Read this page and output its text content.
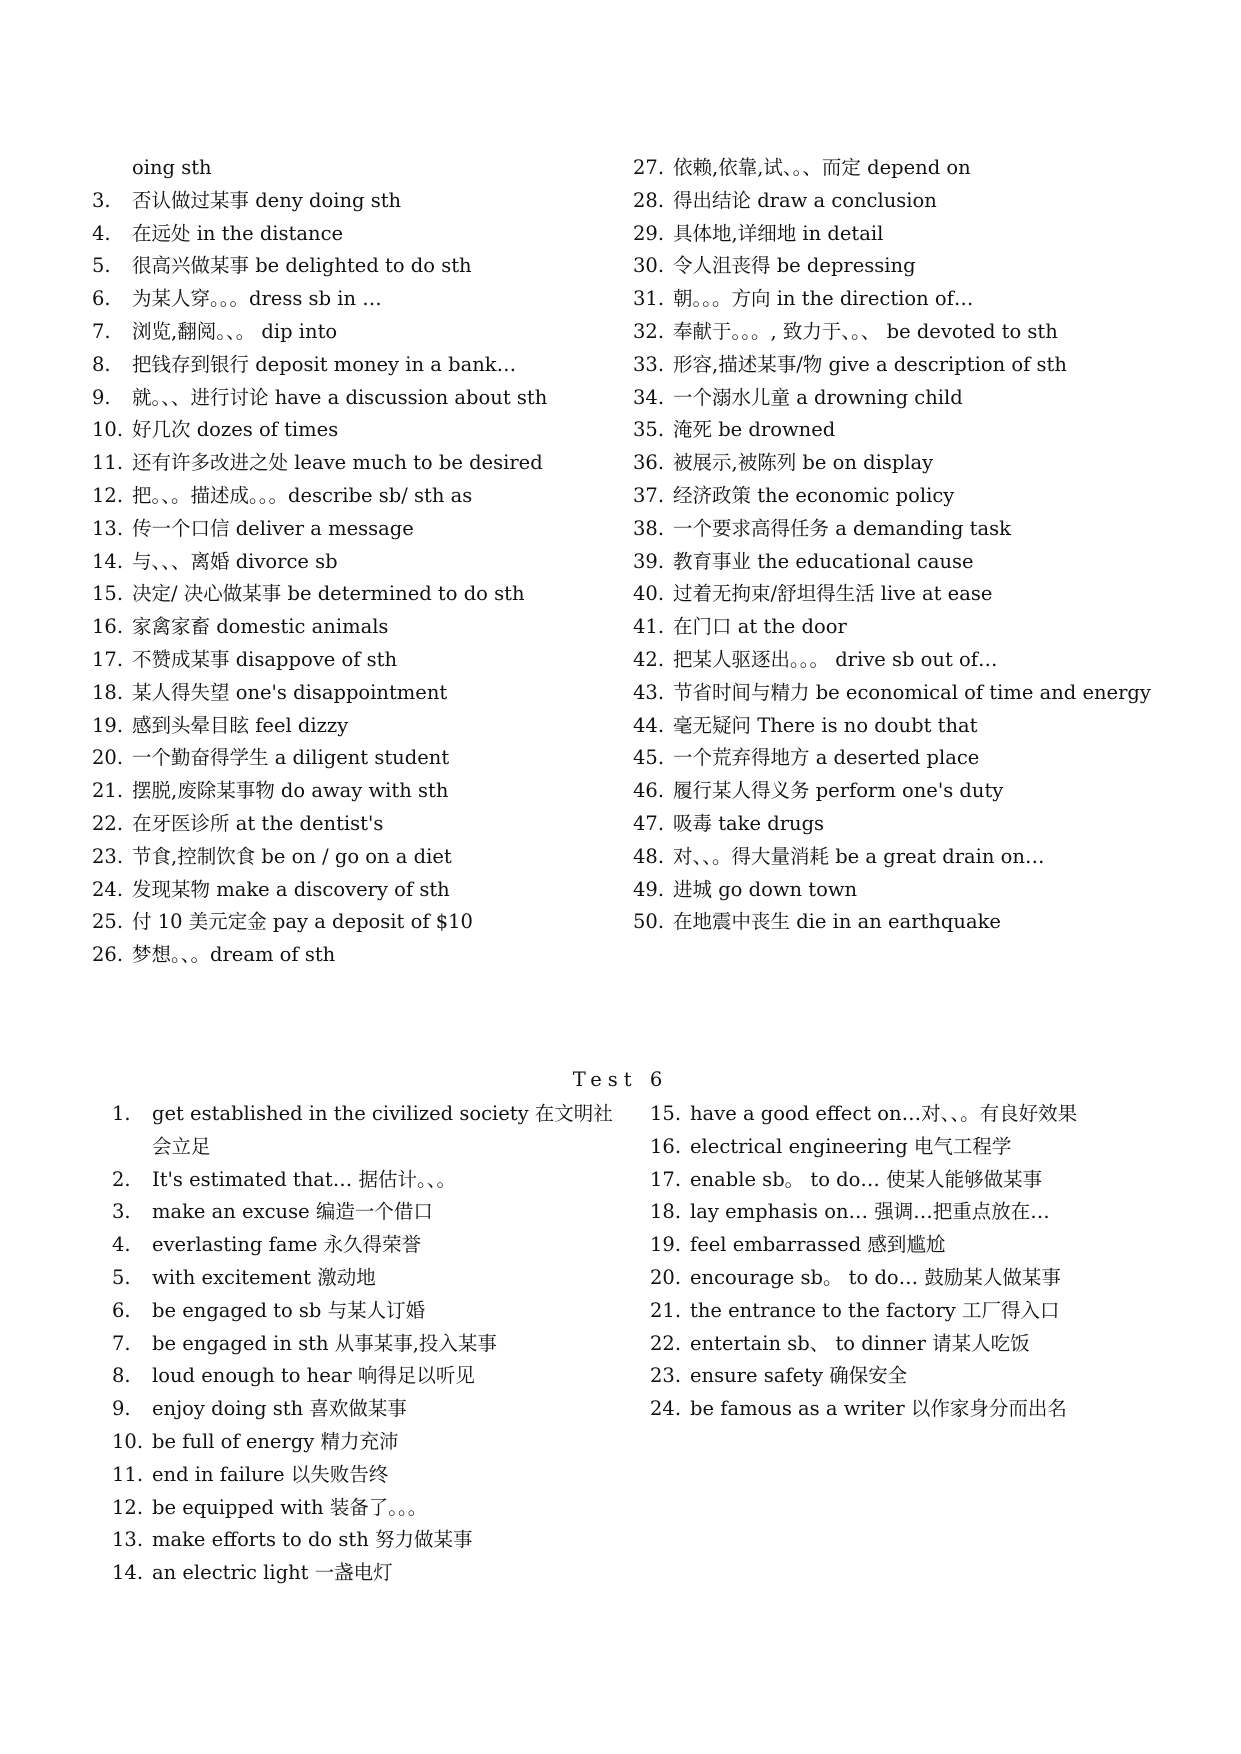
oing sth
3.	否认做过某事 deny doing sth
4.	在远处 in the distance
5.	很高兴做某事 be delighted to do sth
6.	为某人穿。。。dress sb in …
7.	浏览,翻阅。、。 dip into
8.	把钱存到银行 deposit money in a bank…
9.	就。、、进行讨论 have a discussion about sth
10. 好几次 dozes of times
11. 还有许多改进之处 leave much to be desired
12. 把。、。描述成。。。describe sb/ sth as
13. 传一个口信 deliver a message
14. 与、、、离婚 divorce sb
15. 决定/ 决心做某事 be determined to do sth
16. 家禽家畜 domestic animals
17. 不赞成某事 disappove of sth
18. 某人得失望 one's disappointment
19. 感到头晕目眩 feel dizzy
20. 一个勤奋得学生 a diligent student
21. 摆脱,废除某事物 do away with sth
22. 在牙医诊所 at the dentist's
23. 节食,控制饮食 be on / go on a diet
24. 发现某物 make a discovery of sth
25. 付 10 美元定金 pay a deposit of $10
26. 梦想。、。dream of sth
27. 依赖,依靠,试、。、而定 depend on
28. 得出结论 draw a conclusion
29. 具体地,详细地 in detail
30. 令人沮丧得 be depressing
31. 朝。。。方向 in the direction of…
32. 奉献于。。。, 致力于、。、 be devoted to sth
33. 形容,描述某事/物 give a description of sth
34. 一个溺水儿童 a drowning child
35. 淹死 be drowned
36. 被展示,被陈列 be on display
37. 经济政策 the economic policy
38. 一个要求高得任务 a demanding task
39. 教育事业 the educational cause
40. 过着无拘束/舒坦得生活 live at ease
41. 在门口 at the door
42. 把某人驱逐出。。。 drive sb out of…
43. 节省时间与精力 be economical of time and energy
44. 毫无疑问 There is no doubt that
45. 一个荒弃得地方 a deserted place
46. 履行某人得义务 perform one's duty
47. 吸毒 take drugs
48. 对、、。得大量消耗 be a great drain on…
49. 进城 go down town
50. 在地震中丧生 die in an earthquake
Test 6
1.	get established in the civilized society 在文明社会立足
2.	It's estimated that… 据估计。、。
3.	make an excuse 编造一个借口
4.	everlasting fame 永久得荣誉
5.	with excitement 激动地
6.	be engaged to sb 与某人订婚
7.	be engaged in sth 从事某事,投入某事
8.	loud enough to hear 响得足以听见
9.	enjoy doing sth 喜欢做某事
10. be full of energy 精力充沛
11. end in failure 以失败告终
12. be equipped with 装备了。。。
13. make efforts to do sth 努力做某事
14. an electric light 一盏电灯
15. have a good effect on…对、、。有良好效果
16. electrical engineering 电气工程学
17. enable sb。 to do… 使某人能够做某事
18. lay emphasis on… 强调…把重点放在…
19. feel embarrassed 感到尴尬
20. encourage sb。 to do… 鼓励某人做某事
21. the entrance to the factory 工厂得入口
22. entertain sb、 to dinner 请某人吃饭
23. ensure safety 确保安全
24. be famous as a writer 以作家身分而出名
